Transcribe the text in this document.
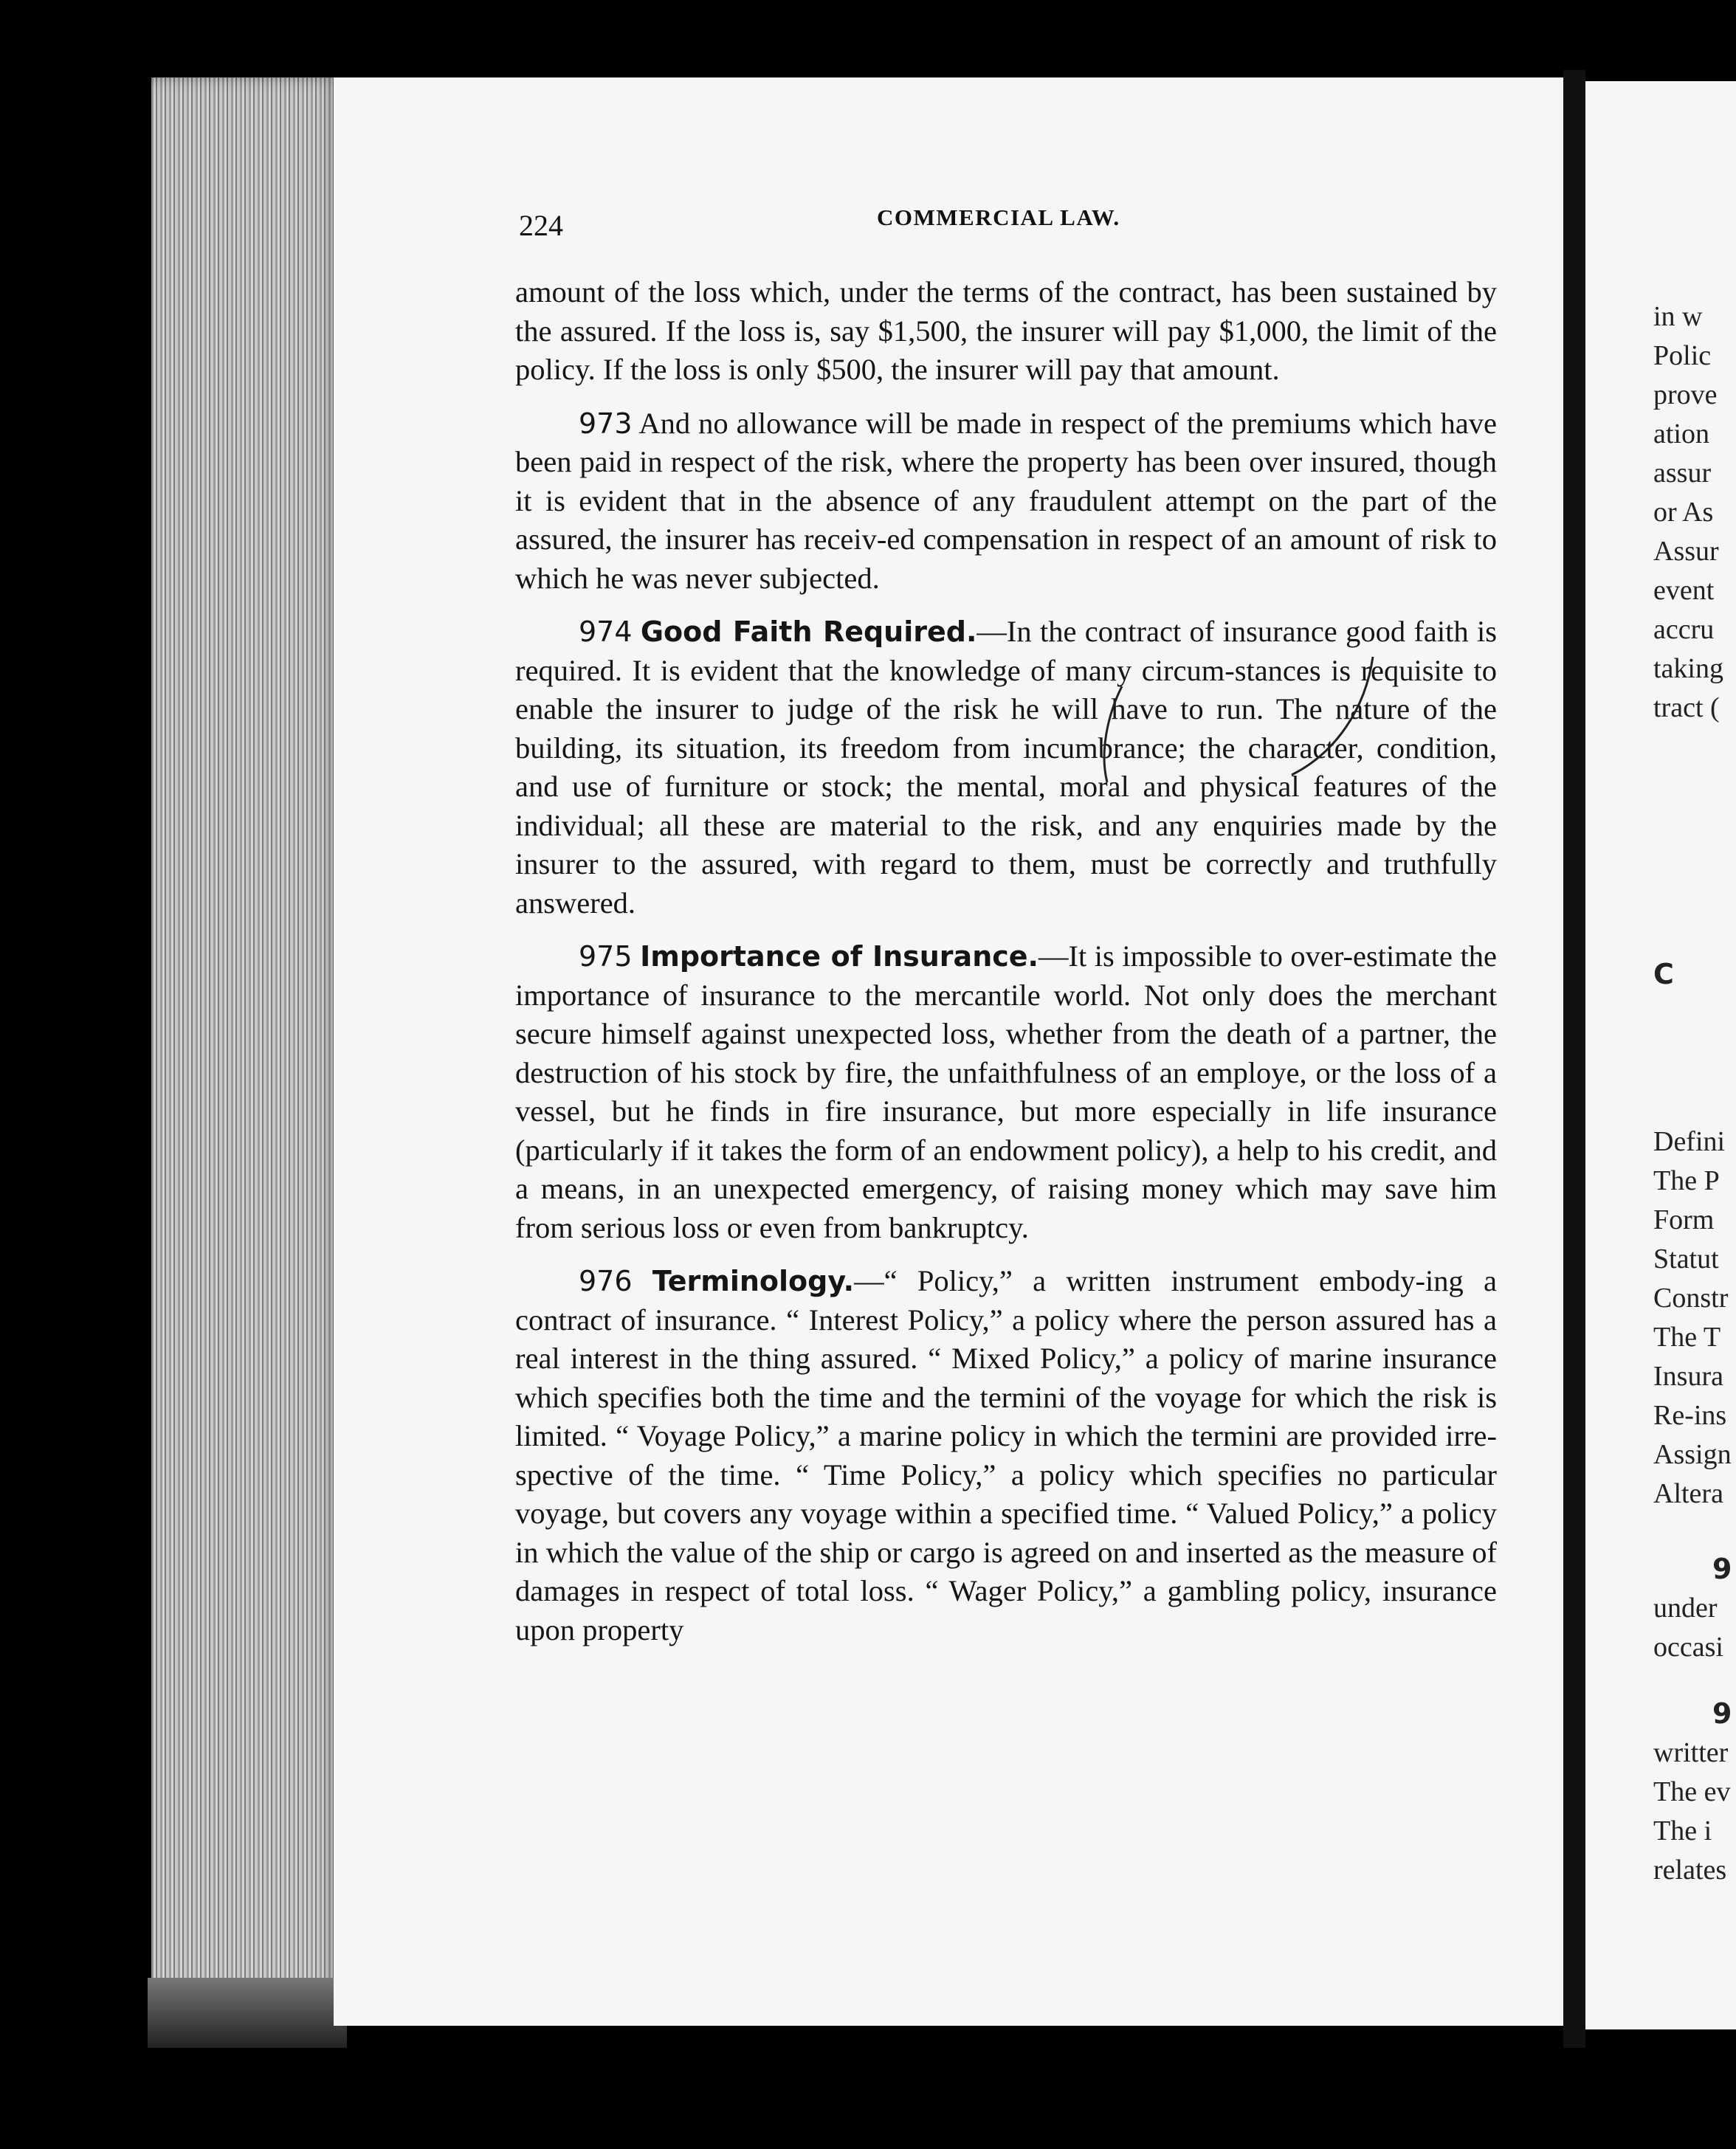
in w
Polic
prove
ation
assur
or As
Assur
event
accru
taking
tract (
C
Defini
The P
Form
Statut
Constr
The T
Insura
Re-ins
Assign
Altera
9
under
occasi
9
writter
The ev
The i
relates
224	COMMERCIAL LAW.

amount of the loss which, under the terms of the contract, has been sustained by the assured. If the loss is, say $1,500, the insurer will pay $1,000, the limit of the policy. If the loss is only $500, the insurer will pay that amount.

973 And no allowance will be made in respect of the premiums which have been paid in respect of the risk, where the property has been over insured, though it is evident that in the absence of any fraudulent attempt on the part of the assured, the insurer has receiv-ed compensation in respect of an amount of risk to which he was never subjected.

974 Good Faith Required.—In the contract of insurance good faith is required. It is evident that the knowledge of many circum-stances is requisite to enable the insurer to judge of the risk he will have to run. The nature of the building, its situation, its freedom from incumbrance; the character, condition, and use of furniture or stock; the mental, moral and physical features of the individual; all these are material to the risk, and any enquiries made by the insurer to the assured, with regard to them, must be correctly and truthfully answered.

975 Importance of Insurance.—It is impossible to over-estimate the importance of insurance to the mercantile world. Not only does the merchant secure himself against unexpected loss, whether from the death of a partner, the destruction of his stock by fire, the unfaithfulness of an employe, or the loss of a vessel, but he finds in fire insurance, but more especially in life insurance (particularly if it takes the form of an endowment policy), a help to his credit, and a means, in an unexpected emergency, of raising money which may save him from serious loss or even from bankruptcy.

976 Terminology.—“ Policy,” a written instrument embody-ing a contract of insurance. “ Interest Policy,” a policy where the person assured has a real interest in the thing assured. “ Mixed Policy,” a policy of marine insurance which specifies both the time and the termini of the voyage for which the risk is limited. “ Voyage Policy,” a marine policy in which the termini are provided irre-spective of the time. “ Time Policy,” a policy which specifies no particular voyage, but covers any voyage within a specified time. “ Valued Policy,” a policy in which the value of the ship or cargo is agreed on and inserted as the measure of damages in respect of total loss. “ Wager Policy,” a gambling policy, insurance upon property
